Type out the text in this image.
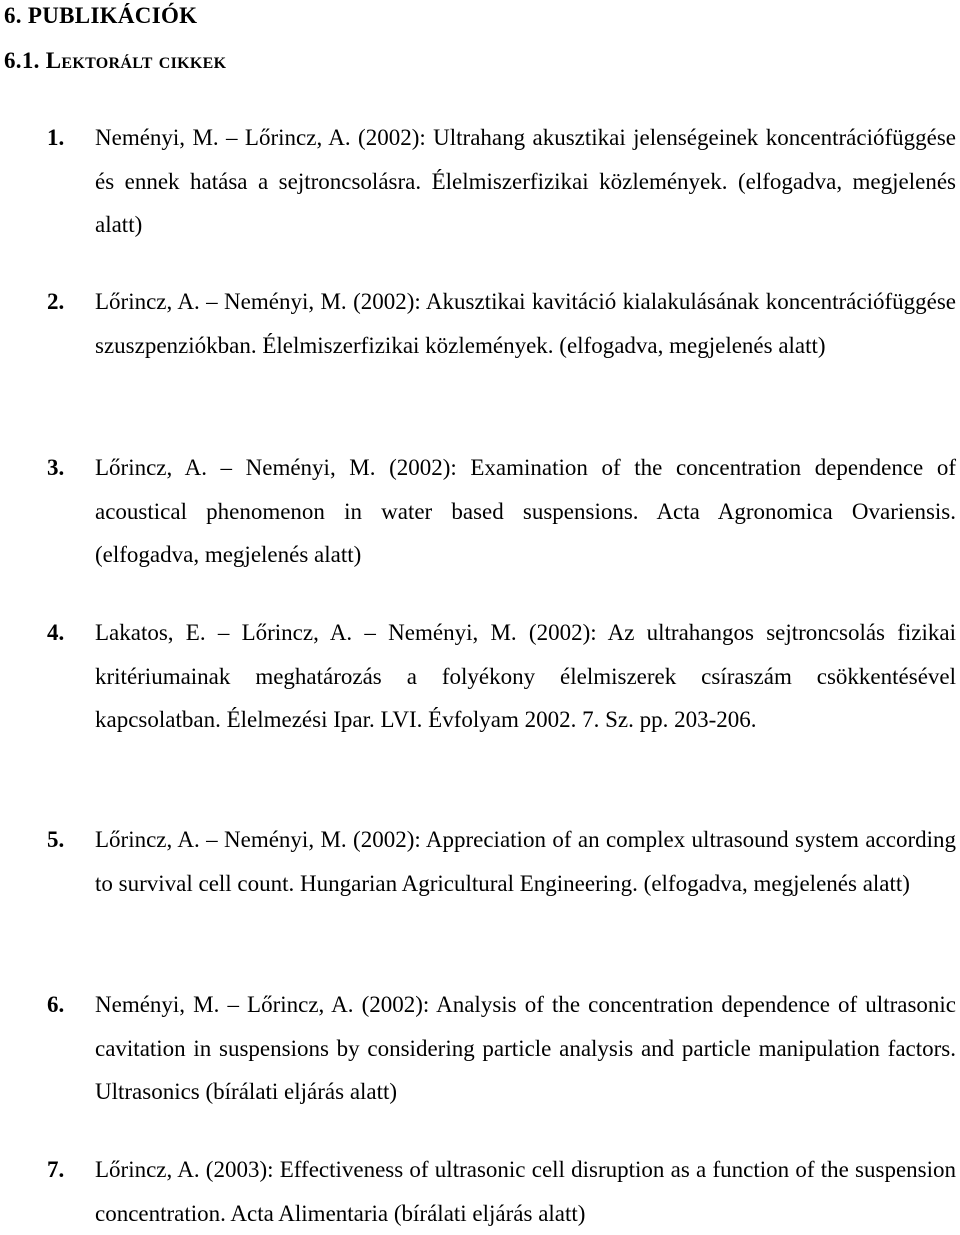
6. PUBLIKÁCIÓK
6.1. Lektorált cikkek
1. Neményi, M. – Lőrincz, A. (2002): Ultrahang akusztikai jelenségeinek koncentrációfüggése és ennek hatása a sejtroncsolásra. Élelmiszerfizikai közlemények. (elfogadva, megjelenés alatt)

2. Lőrincz, A. – Neményi, M. (2002): Akusztikai kavitáció kialakulásának koncentrációfüggése szuszpenziókban. Élelmiszerfizikai közlemények. (elfogadva, megjelenés alatt)

3. Lőrincz, A. – Neményi, M. (2002): Examination of the concentration dependence of acoustical phenomenon in water based suspensions. Acta Agronomica Ovariensis. (elfogadva, megjelenés alatt)

4. Lakatos, E. – Lőrincz, A. – Neményi, M. (2002): Az ultrahangos sejtroncsolás fizikai kritériumainak meghatározás a folyékony élelmiszerek csíraszám csökkentésével kapcsolatban. Élelmezési Ipar. LVI. Évfolyam 2002. 7. Sz. pp. 203-206.

5. Lőrincz, A. – Neményi, M. (2002): Appreciation of an complex ultrasound system according to survival cell count. Hungarian Agricultural Engineering. (elfogadva, megjelenés alatt)

6. Neményi, M. – Lőrincz, A. (2002): Analysis of the concentration dependence of ultrasonic cavitation in suspensions by considering particle analysis and particle manipulation factors. Ultrasonics (bírálati eljárás alatt)

7. Lőrincz, A. (2003): Effectiveness of ultrasonic cell disruption as a function of the suspension concentration. Acta Alimentaria (bírálati eljárás alatt)
